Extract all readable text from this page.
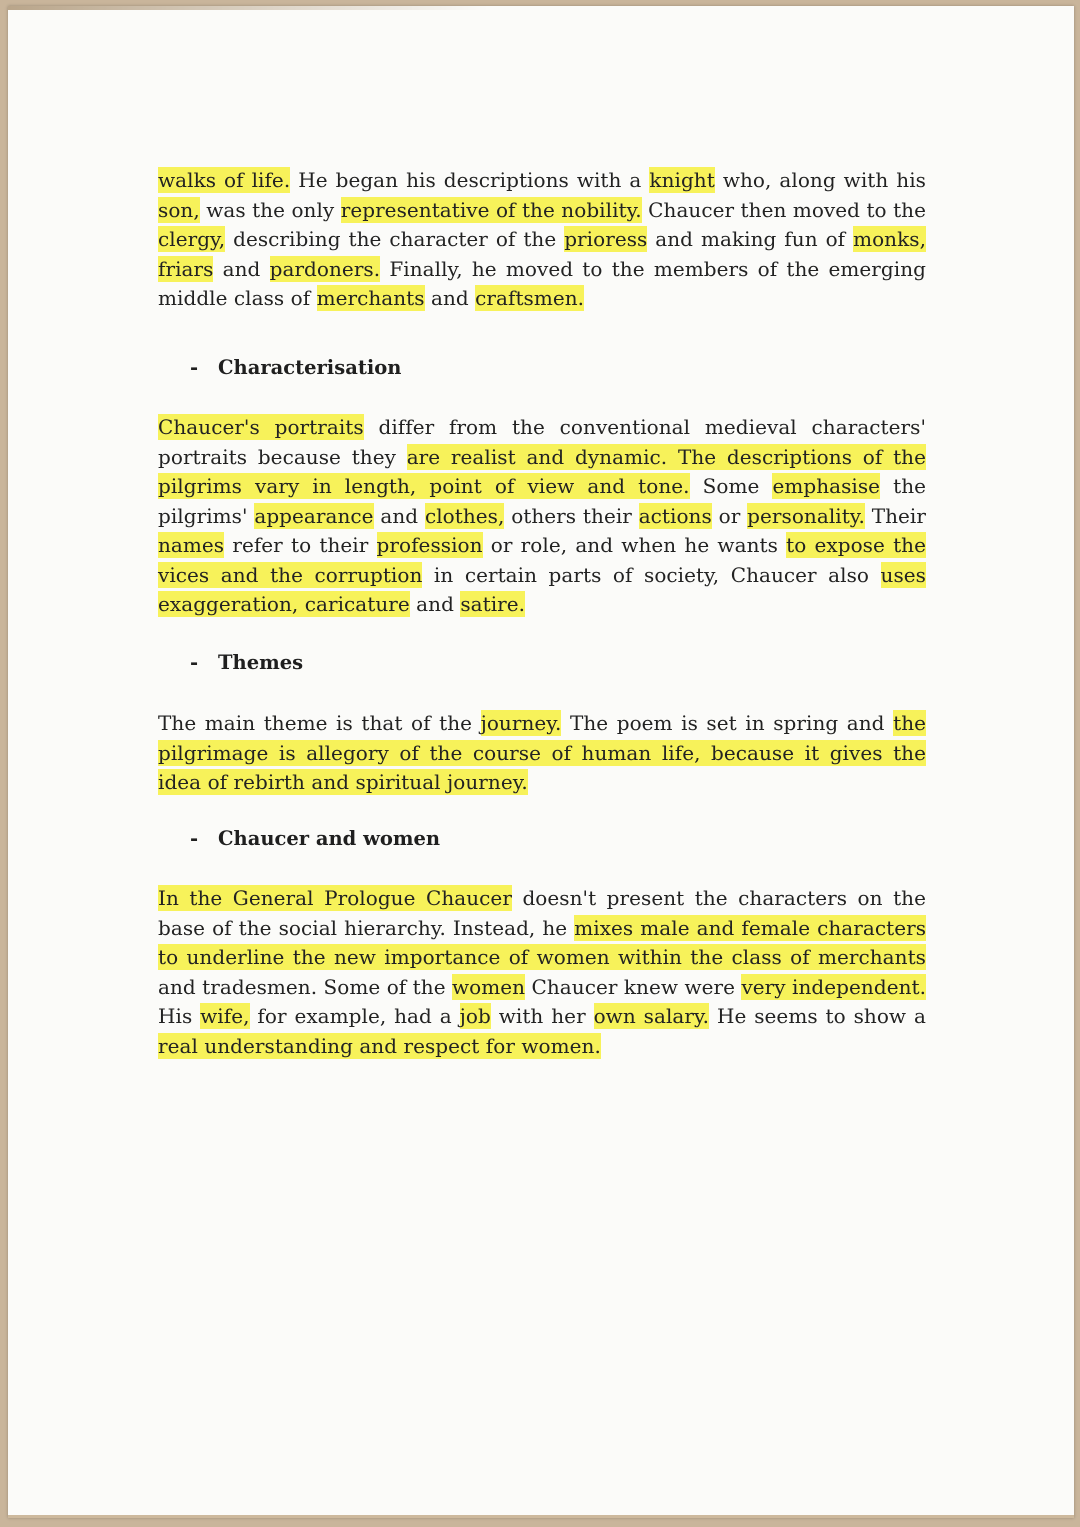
walks of life. He began his descriptions with a knight who, along with his son, was the only representative of the nobility. Chaucer then moved to the clergy, describing the character of the prioress and making fun of monks, friars and pardoners. Finally, he moved to the members of the emerging middle class of merchants and craftsmen.

- Characterisation

Chaucer's portraits differ from the conventional medieval characters' portraits because they are realist and dynamic. The descriptions of the pilgrims vary in length, point of view and tone. Some emphasise the pilgrims' appearance and clothes, others their actions or personality. Their names refer to their profession or role, and when he wants to expose the vices and the corruption in certain parts of society, Chaucer also uses exaggeration, caricature and satire.

- Themes

The main theme is that of the journey. The poem is set in spring and the pilgrimage is allegory of the course of human life, because it gives the idea of rebirth and spiritual journey.

- Chaucer and women

In the General Prologue Chaucer doesn't present the characters on the base of the social hierarchy. Instead, he mixes male and female characters to underline the new importance of women within the class of merchants and tradesmen. Some of the women Chaucer knew were very independent. His wife, for example, had a job with her own salary. He seems to show a real understanding and respect for women.
